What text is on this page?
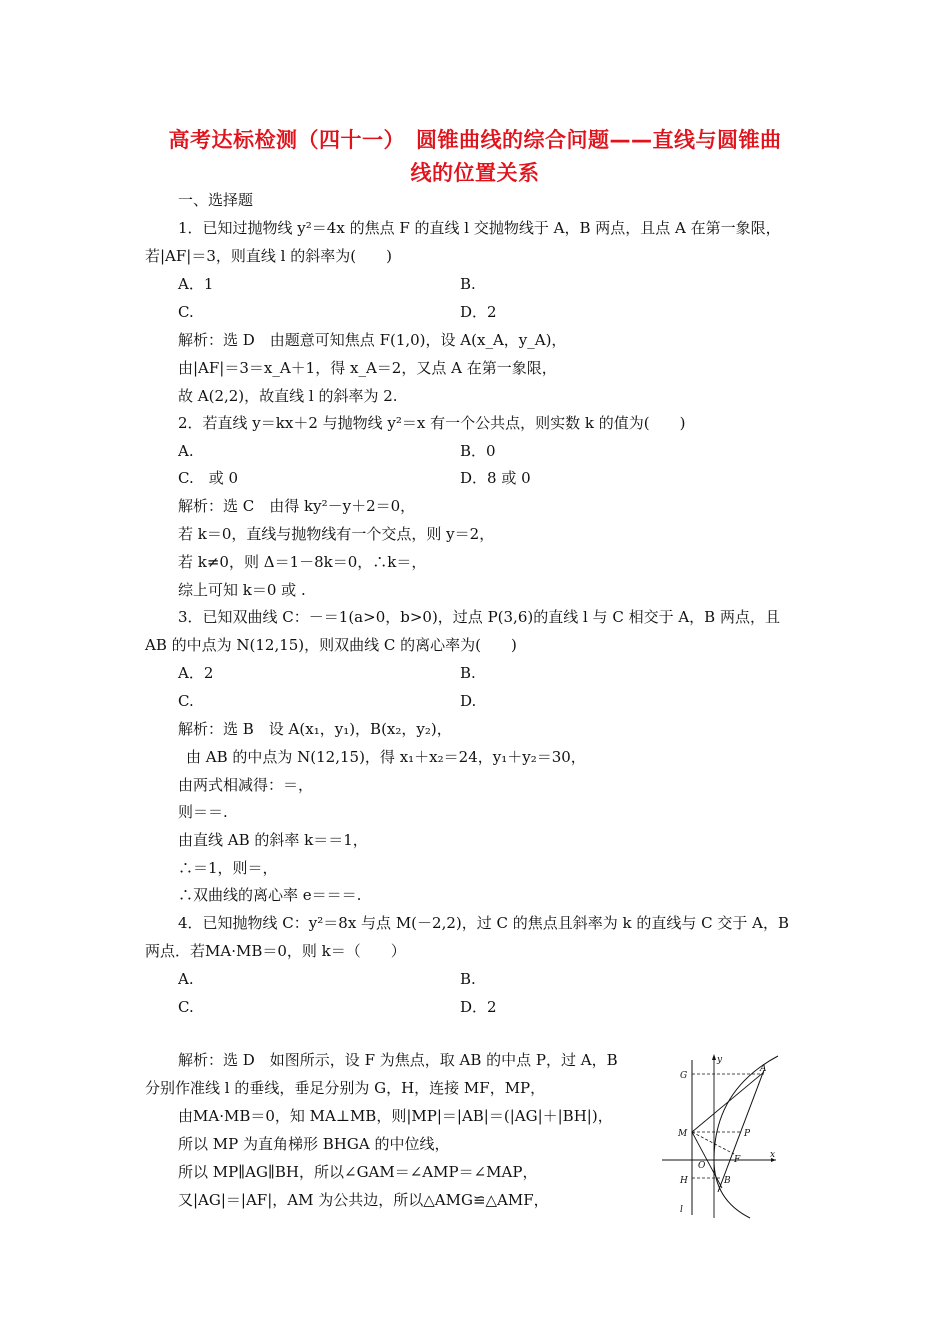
高考达标检测（四十一）　圆锥曲线的综合问题——直线与圆锥曲
线的位置关系
一、选择题
1．已知过抛物线 y²＝4x 的焦点 F 的直线 l 交抛物线于 A，B 两点，且点 A 在第一象限，
若|AF|＝3，则直线 l 的斜率为(　　)
A．1	B.
C.	D．2
解析：选 D　由题意可知焦点 F(1,0)，设 A(x_A，y_A)，
由|AF|＝3＝x_A＋1，得 x_A＝2，又点 A 在第一象限，
故 A(2,2)，故直线 l 的斜率为 2.
2．若直线 y＝kx＋2 与抛物线 y²＝x 有一个公共点，则实数 k 的值为(　　)
A.	B．0
C.　或 0	D．8 或 0
解析：选 C　由得 ky²－y＋2＝0，
若 k＝0，直线与抛物线有一个交点，则 y＝2，
若 k≠0，则 Δ＝1－8k＝0，∴k＝，
综上可知 k＝0 或 .
3．已知双曲线 C：－＝1(a>0，b>0)，过点 P(3,6)的直线 l 与 C 相交于 A，B 两点，且
AB 的中点为 N(12,15)，则双曲线 C 的离心率为(　　)
A．2	B.
C.	D.
解析：选 B　设 A(x₁，y₁)，B(x₂，y₂)，
由 AB 的中点为 N(12,15)，得 x₁＋x₂＝24，y₁＋y₂＝30，
由两式相减得：＝，
则＝＝.
由直线 AB 的斜率 k＝＝1，
∴＝1，则＝，
∴双曲线的离心率 e＝＝＝.
4．已知抛物线 C：y²＝8x 与点 M(－2,2)，过 C 的焦点且斜率为 k 的直线与 C 交于 A，B
两点．若MA·MB＝0，则 k＝（　　）
A.	B.
C.	D．2
解析：选 D　如图所示，设 F 为焦点，取 AB 的中点 P，过 A，B
分别作准线 l 的垂线，垂足分别为 G，H，连接 MF，MP，
由MA·MB＝0，知 MA⊥MB，则|MP|＝|AB|＝(|AG|＋|BH|)，
所以 MP 为直角梯形 BHGA 的中位线，
所以 MP∥AG∥BH，所以∠GAM＝∠AMP＝∠MAP，
又|AG|＝|AF|，AM 为公共边，所以△AMG≌△AMF，
y
G
A
M	P
O
F	x
H	B
l
